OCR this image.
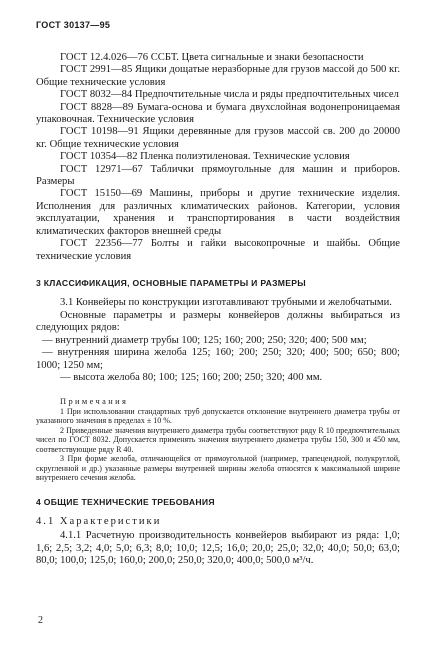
ГОСТ 30137—95

ГОСТ 12.4.026—76 ССБТ. Цвета сигнальные и знаки безопасности

ГОСТ 2991—85 Ящики дощатые неразборные для грузов массой до 500 кг. Общие технические условия

ГОСТ 8032—84 Предпочтительные числа и ряды предпочтительных чисел

ГОСТ 8828—89 Бумага-основа и бумага двухслойная водонепроницаемая упаковочная. Технические условия

ГОСТ 10198—91 Ящики деревянные для грузов массой св. 200 до 20000 кг. Общие технические условия

ГОСТ 10354—82 Пленка полиэтиленовая. Технические условия

ГОСТ 12971—67 Таблички прямоугольные для машин и приборов. Размеры

ГОСТ 15150—69 Машины, приборы и другие технические изделия. Исполнения для различных климатических районов. Категории, условия эксплуатации, хранения и транспортирования в части воздействия климатических факторов внешней среды

ГОСТ 22356—77 Болты и гайки высокопрочные и шайбы. Общие технические условия

3 КЛАССИФИКАЦИЯ, ОСНОВНЫЕ ПАРАМЕТРЫ И РАЗМЕРЫ

3.1 Конвейеры по конструкции изготавливают трубными и желобчатыми.

Основные параметры и размеры конвейеров должны выбираться из следующих рядов:

— внутренний диаметр трубы 100; 125; 160; 200; 250; 320; 400; 500 мм;

— внутренняя ширина желоба 125; 160; 200; 250; 320; 400; 500; 650; 800; 1000; 1250 мм;

— высота желоба 80; 100; 125; 160; 200; 250; 320; 400 мм.

Примечания

1 При использовании стандартных труб допускается отклонение внутреннего диаметра трубы от указанного значения в пределах ± 10 %.

2 Приведенные значения внутреннего диаметра трубы соответствуют ряду R 10 предпочтительных чисел по ГОСТ 8032. Допускается применять значения внутреннего диаметра трубы 150, 300 и 450 мм, соответствующие ряду R 40.

3 При форме желоба, отличающейся от прямоугольной (например, трапецеидной, полукруглой, скругленной и др.) указанные размеры внутренней ширины желоба относятся к максимальной ширине внутреннего сечения желоба.

4 ОБЩИЕ ТЕХНИЧЕСКИЕ ТРЕБОВАНИЯ

4.1 Характеристики

4.1.1 Расчетную производительность конвейеров выбирают из ряда: 1,0; 1,6; 2,5; 3,2; 4,0; 5,0; 6,3; 8,0; 10,0; 12,5; 16,0; 20,0; 25,0; 32,0; 40,0; 50,0; 63,0; 80,0; 100,0; 125,0; 160,0; 200,0; 250,0; 320,0; 400,0; 500,0 м³/ч.

2
